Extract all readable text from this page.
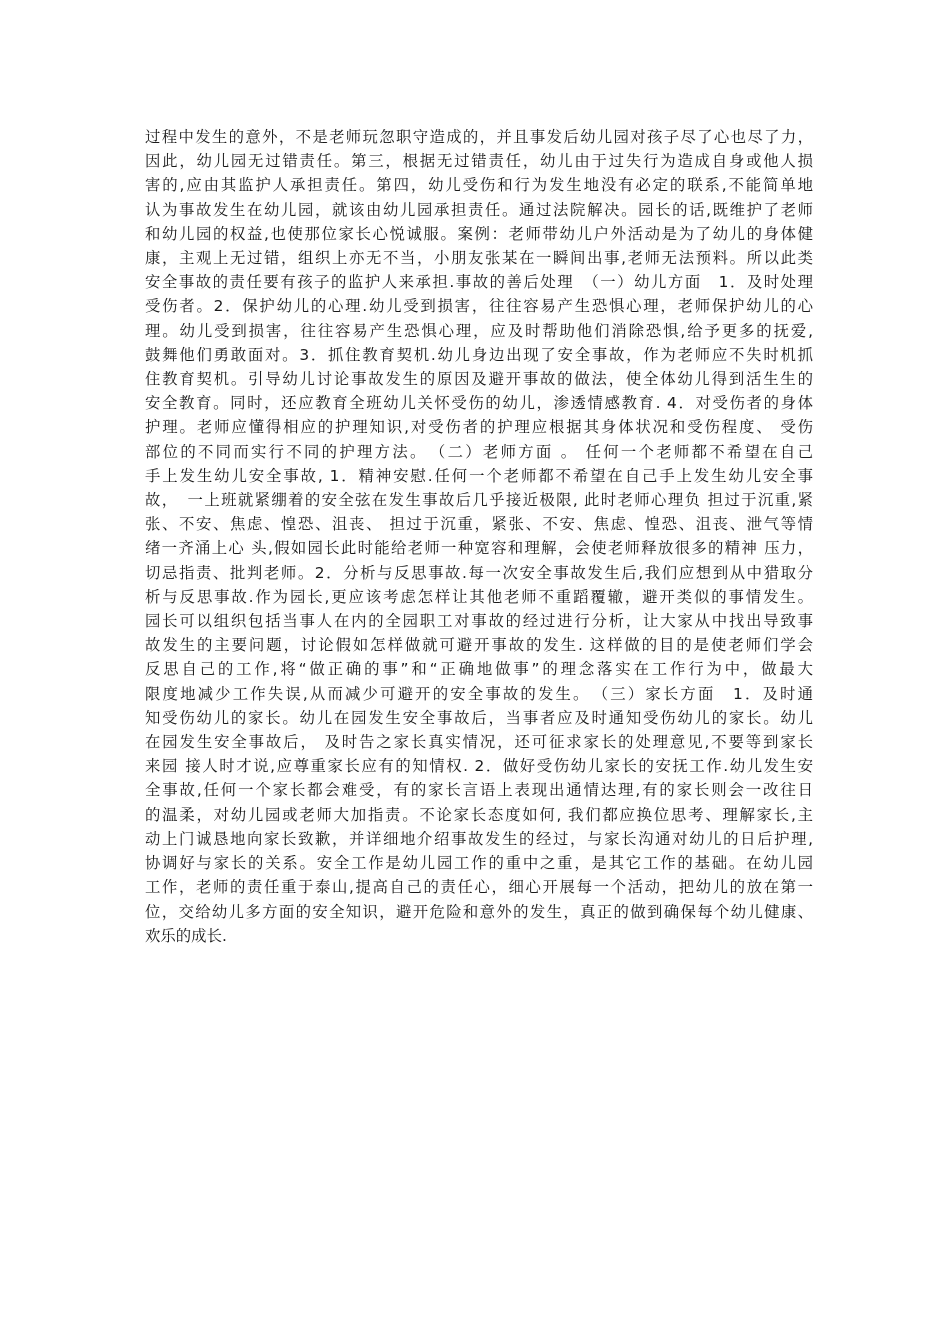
过程中发生的意外，不是老师玩忽职守造成的，并且事发后幼儿园对孩子尽了心也尽了力，
因此，幼儿园无过错责任。第三，根据无过错责任，幼儿由于过失行为造成自身或他人损
害的,应由其监护人承担责任。第四，幼儿受伤和行为发生地没有必定的联系,不能简单地
认为事故发生在幼儿园，就该由幼儿园承担责任。通过法院解决。园长的话,既维护了老师
和幼儿园的权益,也使那位家长心悦诚服。案例：老师带幼儿户外活动是为了幼儿的身体健
康，主观上无过错，组织上亦无不当，小朋友张某在一瞬间出事,老师无法预料。所以此类
安全事故的责任要有孩子的监护人来承担.事故的善后处理　（一）幼儿方面　1．及时处理
受伤者。2．保护幼儿的心理.幼儿受到损害，往往容易产生恐惧心理，老师保护幼儿的心
理。幼儿受到损害，往往容易产生恐惧心理，应及时帮助他们消除恐惧,给予更多的抚爱,
鼓舞他们勇敢面对。3．抓住教育契机.幼儿身边出现了安全事故，作为老师应不失时机抓
住教育契机。引导幼儿讨论事故发生的原因及避开事故的做法，使全体幼儿得到活生生的
安全教育。同时，还应教育全班幼儿关怀受伤的幼儿，渗透情感教育. 4．对受伤者的身体
护理。老师应懂得相应的护理知识,对受伤者的护理应根据其身体状况和受伤程度、 受伤
部位的不同而实行不同的护理方法。　（二）老师方面 。 任何一个老师都不希望在自己
手上发生幼儿安全事故, 1．精神安慰.任何一个老师都不希望在自己手上发生幼儿安全事
故，　一上班就紧绷着的安全弦在发生事故后几乎接近极限, 此时老师心理负 担过于沉重,紧
张、不安、焦虑、惶恐、沮丧、 担过于沉重，紧张、不安、焦虑、惶恐、沮丧、泄气等情
绪一齐涌上心 头,假如园长此时能给老师一种宽容和理解，会使老师释放很多的精神 压力，
切忌指责、批判老师。2．分析与反思事故.每一次安全事故发生后,我们应想到从中猎取分
析与反思事故.作为园长,更应该考虑怎样让其他老师不重蹈覆辙，避开类似的事情发生。
园长可以组织包括当事人在内的全园职工对事故的经过进行分析，让大家从中找出导致事
故发生的主要问题，讨论假如怎样做就可避开事故的发生. 这样做的目的是使老师们学会
反思自己的工作,将“做正确的事”和“正确地做事”的理念落实在工作行为中，做最大
限度地减少工作失误,从而减少可避开的安全事故的发生。　（三）家长方面　1．及时通
知受伤幼儿的家长。幼儿在园发生安全事故后，当事者应及时通知受伤幼儿的家长。幼儿
在园发生安全事故后， 及时告之家长真实情况，还可征求家长的处理意见,不要等到家长
来园 接人时才说,应尊重家长应有的知情权. 2．做好受伤幼儿家长的安抚工作.幼儿发生安
全事故,任何一个家长都会难受，有的家长言语上表现出通情达理,有的家长则会一改往日
的温柔，对幼儿园或老师大加指责。不论家长态度如何, 我们都应换位思考、理解家长,主
动上门诚恳地向家长致歉，并详细地介绍事故发生的经过，与家长沟通对幼儿的日后护理,
协调好与家长的关系。安全工作是幼儿园工作的重中之重，是其它工作的基础。在幼儿园
工作，老师的责任重于泰山,提高自己的责任心，细心开展每一个活动，把幼儿的放在第一
位，交给幼儿多方面的安全知识，避开危险和意外的发生，真正的做到确保每个幼儿健康、
欢乐的成长.
